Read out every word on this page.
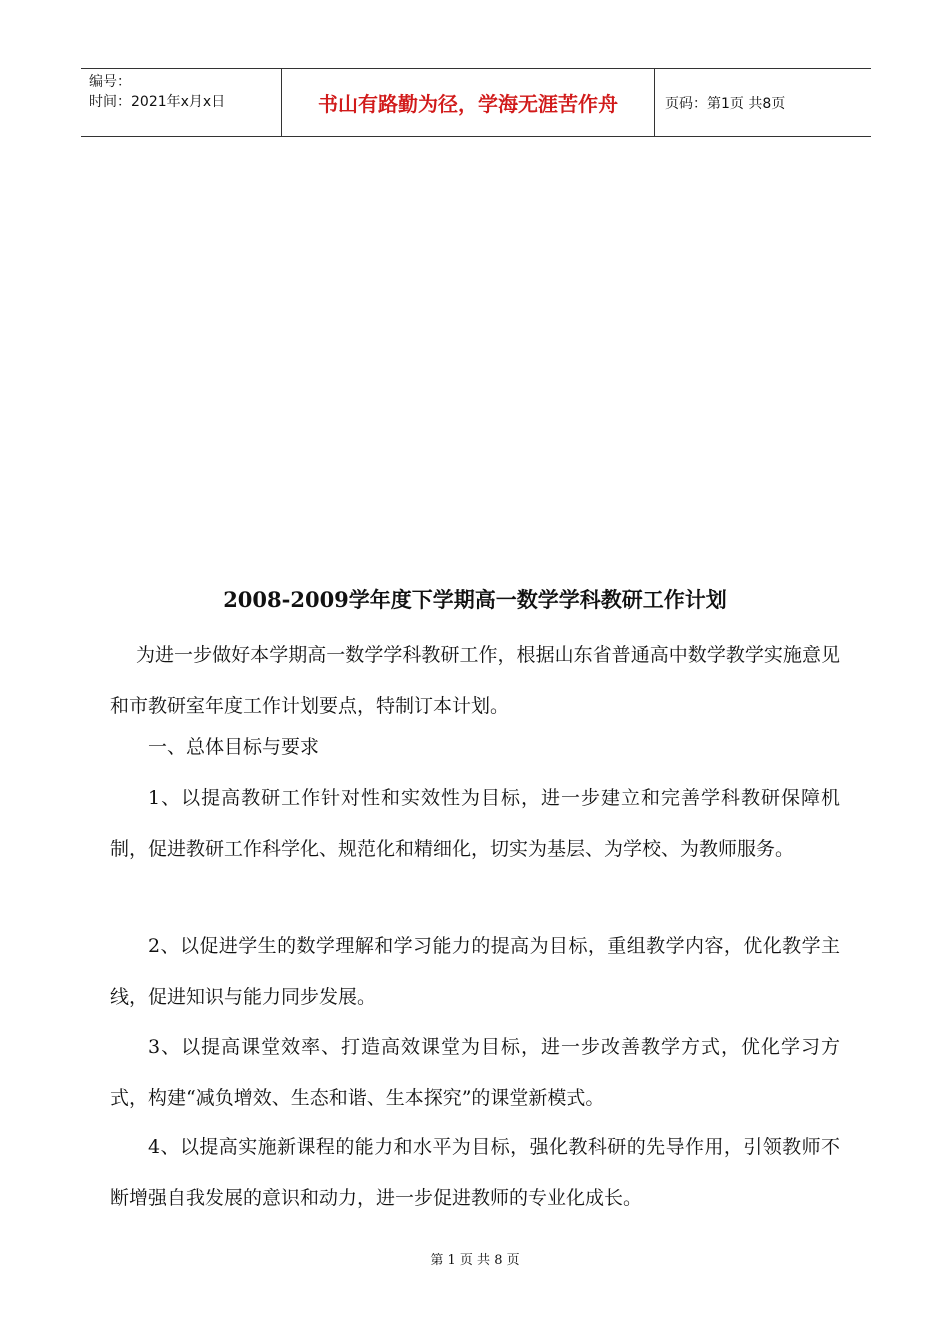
编号：
时间：2021年x月x日	书山有路勤为径，学海无涯苦作舟	页码：第1页 共8页
2008-2009学年度下学期高一数学学科教研工作计划

为进一步做好本学期高一数学学科教研工作，根据山东省普通高中数学教学实施意见和市教研室年度工作计划要点，特制订本计划。

一、总体目标与要求

1、以提高教研工作针对性和实效性为目标，进一步建立和完善学科教研保障机制，促进教研工作科学化、规范化和精细化，切实为基层、为学校、为教师服务。

2、以促进学生的数学理解和学习能力的提高为目标，重组教学内容，优化教学主线，促进知识与能力同步发展。

3、以提高课堂效率、打造高效课堂为目标，进一步改善教学方式，优化学习方式，构建“减负增效、生态和谐、生本探究”的课堂新模式。

4、以提高实施新课程的能力和水平为目标，强化教科研的先导作用，引领教师不断增强自我发展的意识和动力，进一步促进教师的专业化成长。

第 1 页 共 8 页
